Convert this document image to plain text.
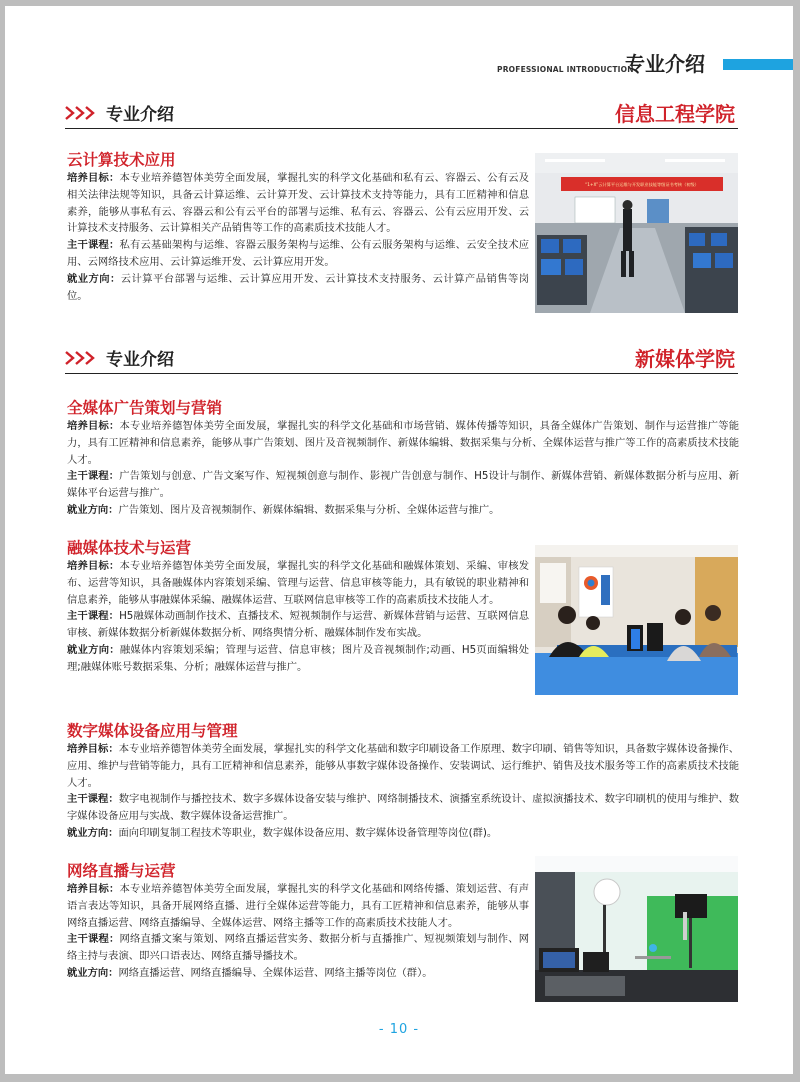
PROFESSIONAL INTRODUCTION
专业介绍
专业介绍	信息工程学院
云计算技术应用

培养目标：本专业培养德智体美劳全面发展，掌握扎实的科学文化基础和私有云、容器云、公有云及相关法律法规等知识，具备云计算运维、云计算开发、云计算技术支持等能力，具有工匠精神和信息素养，能够从事私有云、容器云和公有云平台的部署与运维、私有云、容器云、公有云应用开发、云计算技术支持服务、云计算相关产品销售等工作的高素质技术技能人才。

主干课程：私有云基础架构与运维、容器云服务架构与运维、公有云服务架构与运维、云安全技术应用、云网络技术应用、云计算运维开发、云计算应用开发。

就业方向：云计算平台部署与运维、云计算应用开发、云计算技术支持服务、云计算产品销售等岗位。

“1+X”云计算平台运维与开发职业技能等级证书考核（初级）
专业介绍	新媒体学院
全媒体广告策划与营销

培养目标：本专业培养德智体美劳全面发展，掌握扎实的科学文化基础和市场营销、媒体传播等知识，具备全媒体广告策划、制作与运营推广等能力，具有工匠精神和信息素养，能够从事广告策划、图片及音视频制作、新媒体编辑、数据采集与分析、全媒体运营与推广等工作的高素质技术技能人才。

主干课程：广告策划与创意、广告文案写作、短视频创意与制作、影视广告创意与制作、H5设计与制作、新媒体营销、新媒体数据分析与应用、新媒体平台运营与推广。

就业方向：广告策划、图片及音视频制作、新媒体编辑、数据采集与分析、全媒体运营与推广。

融媒体技术与运营

培养目标：本专业培养德智体美劳全面发展，掌握扎实的科学文化基础和融媒体策划、采编、审核发布、运营等知识，具备融媒体内容策划采编、管理与运营、信息审核等能力，具有敏锐的职业精神和信息素养，能够从事融媒体采编、融媒体运营、互联网信息审核等工作的高素质技术技能人才。

主干课程：H5融媒体动画制作技术、直播技术、短视频制作与运营、新媒体营销与运营、互联网信息审核、新媒体数据分析新媒体数据分析、网络舆情分析、融媒体制作发布实战。

就业方向：融媒体内容策划采编；管理与运营、信息审核；图片及音视频制作;动画、H5页面编辑处理;融媒体账号数据采集、分析；融媒体运营与推广。

数字媒体设备应用与管理

培养目标：本专业培养德智体美劳全面发展，掌握扎实的科学文化基础和数字印刷设备工作原理、数字印刷、销售等知识，具备数字媒体设备操作、应用、维护与营销等能力，具有工匠精神和信息素养，能够从事数字媒体设备操作、安装调试、运行维护、销售及技术服务等工作的高素质技术技能人才。

主干课程：数字电视制作与播控技术、数字多媒体设备安装与维护、网络制播技术、演播室系统设计、虚拟演播技术、数字印刷机的使用与维护、数字媒体设备应用与实战、数字媒体设备运营推广。

就业方向：面向印刷复制工程技术等职业，数字媒体设备应用、数字媒体设备管理等岗位(群)。

网络直播与运营

培养目标：本专业培养德智体美劳全面发展，掌握扎实的科学文化基础和网络传播、策划运营、有声语言表达等知识，具备开展网络直播、进行全媒体运营等能力，具有工匠精神和信息素养，能够从事网络直播运营、网络直播编导、全媒体运营、网络主播等工作的高素质技术技能人才。

主干课程：网络直播文案与策划、网络直播运营实务、数据分析与直播推广、短视频策划与制作、网络主持与表演、即兴口语表达、网络直播导播技术。

就业方向：网络直播运营、网络直播编导、全媒体运营、网络主播等岗位（群）。

- 10 -
